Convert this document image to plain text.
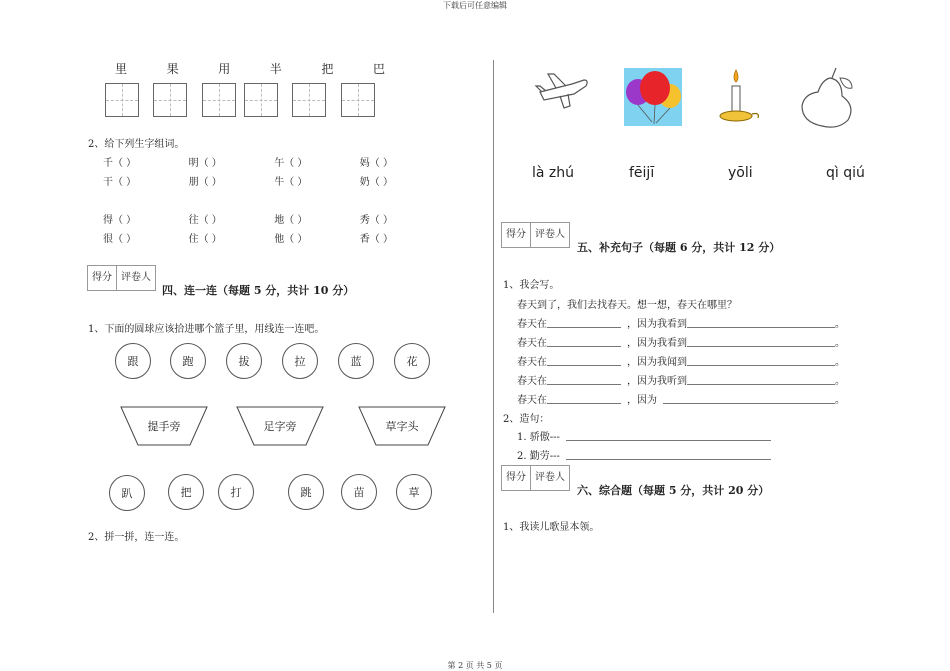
下载后可任意编辑
第 2 页 共 5 页
里	果	用	半	把	巴
2、给下列生字组词。
千（ ）	明（ ）	午（ ）	妈（ ）
干（ ）	朋（ ）	牛（ ）	奶（ ）
得（ ）	往（ ）	地（ ）	秀（ ）
很（ ）	住（ ）	他（ ）	香（ ）
得分 评卷人
四、连一连（每题 5 分，共计 10 分）
1、下面的圆球应该拾进哪个篮子里，用线连一连吧。
跟	跑	拔	拉	蓝	花
提手旁	足字旁	草字头
趴	把	打	跳	苗	草
2、拼一拼，连一连。
là zhú	fēijī	yōli	qì qiú
得分 评卷人
五、补充句子（每题 6 分，共计 12 分）
1、我会写。
春天到了，我们去找春天。想一想，春天在哪里？
春天在	，因为我看到	。
春天在	，因为我看到	。
春天在	，因为我闻到	。
春天在	，因为我听到	。
春天在	，因为	。
2、造句：
1. 骄傲---
2. 勤劳---
得分 评卷人
六、综合题（每题 5 分，共计 20 分）
1、我读儿歌显本领。
